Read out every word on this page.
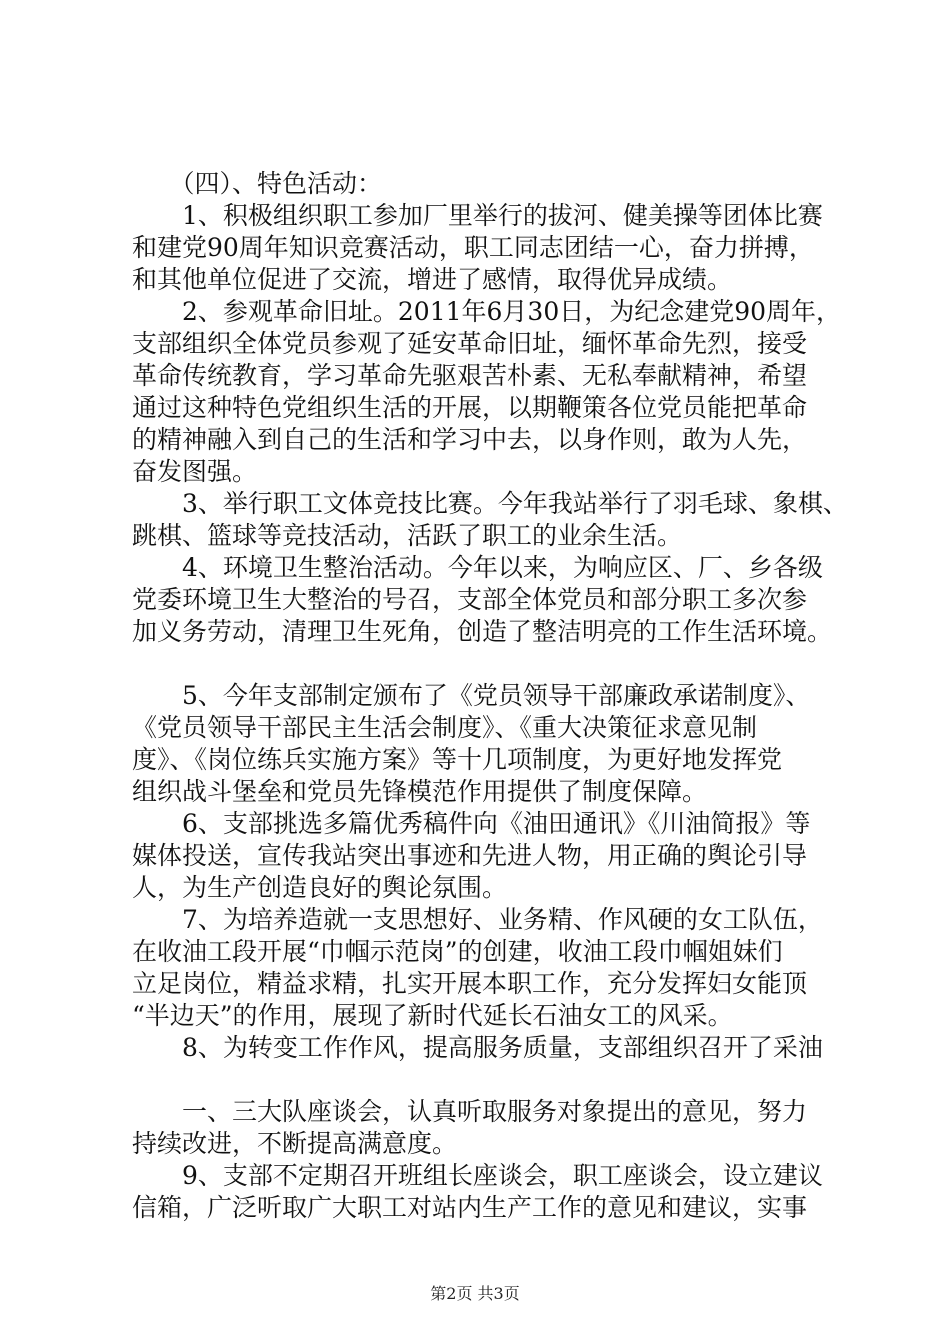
　　（四）、特色活动：
　　1、积极组织职工参加厂里举行的拔河、健美操等团体比赛
和建党90周年知识竞赛活动，职工同志团结一心，奋力拼搏，
和其他单位促进了交流，增进了感情，取得优异成绩。
　　2、参观革命旧址。2011年6月30日，为纪念建党90周年，
支部组织全体党员参观了延安革命旧址，缅怀革命先烈，接受
革命传统教育，学习革命先驱艰苦朴素、无私奉献精神，希望
通过这种特色党组织生活的开展，以期鞭策各位党员能把革命
的精神融入到自己的生活和学习中去，以身作则，敢为人先，
奋发图强。
　　3、举行职工文体竞技比赛。今年我站举行了羽毛球、象棋、
跳棋、篮球等竞技活动，活跃了职工的业余生活。
　　4、环境卫生整治活动。今年以来，为响应区、厂、乡各级
党委环境卫生大整治的号召，支部全体党员和部分职工多次参
加义务劳动，清理卫生死角，创造了整洁明亮的工作生活环境。
　　5、今年支部制定颁布了《党员领导干部廉政承诺制度》、
《党员领导干部民主生活会制度》、《重大决策征求意见制
度》、《岗位练兵实施方案》等十几项制度，为更好地发挥党
组织战斗堡垒和党员先锋模范作用提供了制度保障。
　　6、支部挑选多篇优秀稿件向《油田通讯》《川油简报》等
媒体投送，宣传我站突出事迹和先进人物，用正确的舆论引导
人，为生产创造良好的舆论氛围。
　　7、为培养造就一支思想好、业务精、作风硬的女工队伍，
在收油工段开展“巾帼示范岗”的创建，收油工段巾帼姐妹们
立足岗位，精益求精，扎实开展本职工作，充分发挥妇女能顶
“半边天”的作用，展现了新时代延长石油女工的风采。
　　8、为转变工作作风，提高服务质量，支部组织召开了采油
　　一、三大队座谈会，认真听取服务对象提出的意见，努力
持续改进，不断提高满意度。
　　9、支部不定期召开班组长座谈会，职工座谈会，设立建议
信箱，广泛听取广大职工对站内生产工作的意见和建议，实事
第2页 共3页
